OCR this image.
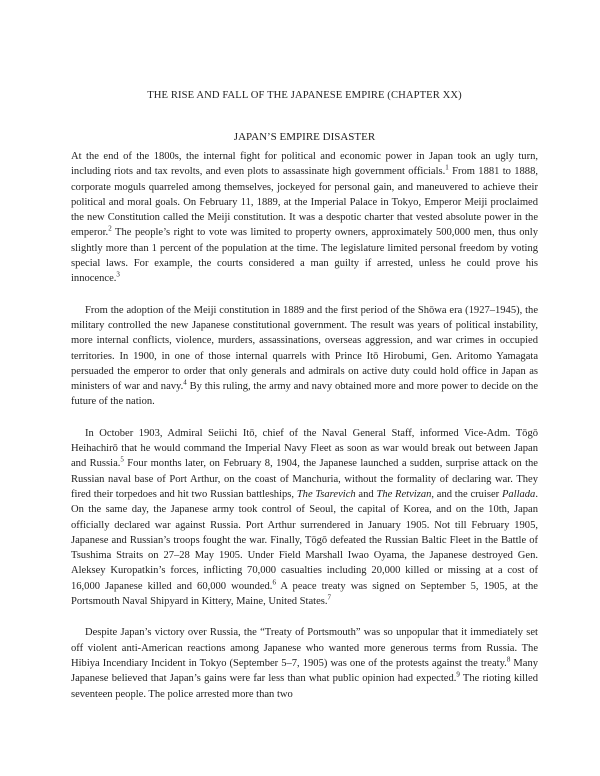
THE RISE AND FALL OF THE JAPANESE EMPIRE (CHAPTER XX)
JAPAN’S EMPIRE DISASTER

At the end of the 1800s, the internal fight for political and economic power in Japan took an ugly turn, including riots and tax revolts, and even plots to assassinate high government officials.$^1$ From 1881 to 1888, corporate moguls quarreled among themselves, jockeyed for personal gain, and maneuvered to achieve their political and moral goals. On February 11, 1889, at the Imperial Palace in Tokyo, Emperor Meiji proclaimed the new Constitution called the Meiji constitution. It was a despotic charter that vested absolute power in the emperor.$^2$ The people’s right to vote was limited to property owners, approximately 500,000 men, thus only slightly more than 1 percent of the population at the time. The legislature limited personal freedom by voting special laws. For example, the courts considered a man guilty if arrested, unless he could prove his innocence.$^3$

From the adoption of the Meiji constitution in 1889 and the first period of the Shōwa era (1927–1945), the military controlled the new Japanese constitutional government. The result was years of political instability, more internal conflicts, violence, murders, assassinations, overseas aggression, and war crimes in occupied territories. In 1900, in one of those internal quarrels with Prince Itō Hirobumi, Gen. Aritomo Yamagata persuaded the emperor to order that only generals and admirals on active duty could hold office in Japan as ministers of war and navy.$^4$ By this ruling, the army and navy obtained more and more power to decide on the future of the nation.

In October 1903, Admiral Seiichi Itō, chief of the Naval General Staff, informed Vice-Adm. Tōgō Heihachirō that he would command the Imperial Navy Fleet as soon as war would break out between Japan and Russia.$^5$ Four months later, on February 8, 1904, the Japanese launched a sudden, surprise attack on the Russian naval base of Port Arthur, on the coast of Manchuria, without the formality of declaring war. They fired their torpedoes and hit two Russian battleships, The Tsarevich and The Retvizan, and the cruiser Pallada. On the same day, the Japanese army took control of Seoul, the capital of Korea, and on the 10th, Japan officially declared war against Russia. Port Arthur surrendered in January 1905. Not till February 1905, Japanese and Russian’s troops fought the war. Finally, Tōgō defeated the Russian Baltic Fleet in the Battle of Tsushima Straits on 27–28 May 1905. Under Field Marshall Iwao Oyama, the Japanese destroyed Gen. Aleksey Kuropatkin’s forces, inflicting 70,000 casualties including 20,000 killed or missing at a cost of 16,000 Japanese killed and 60,000 wounded.$^6$ A peace treaty was signed on September 5, 1905, at the Portsmouth Naval Shipyard in Kittery, Maine, United States.$^7$

Despite Japan’s victory over Russia, the “Treaty of Portsmouth” was so unpopular that it immediately set off violent anti-American reactions among Japanese who wanted more generous terms from Russia. The Hibiya Incendiary Incident in Tokyo (September 5–7, 1905) was one of the protests against the treaty.$^8$ Many Japanese believed that Japan’s gains were far less than what public opinion had expected.$^9$ The rioting killed seventeen people. The police arrested more than two
